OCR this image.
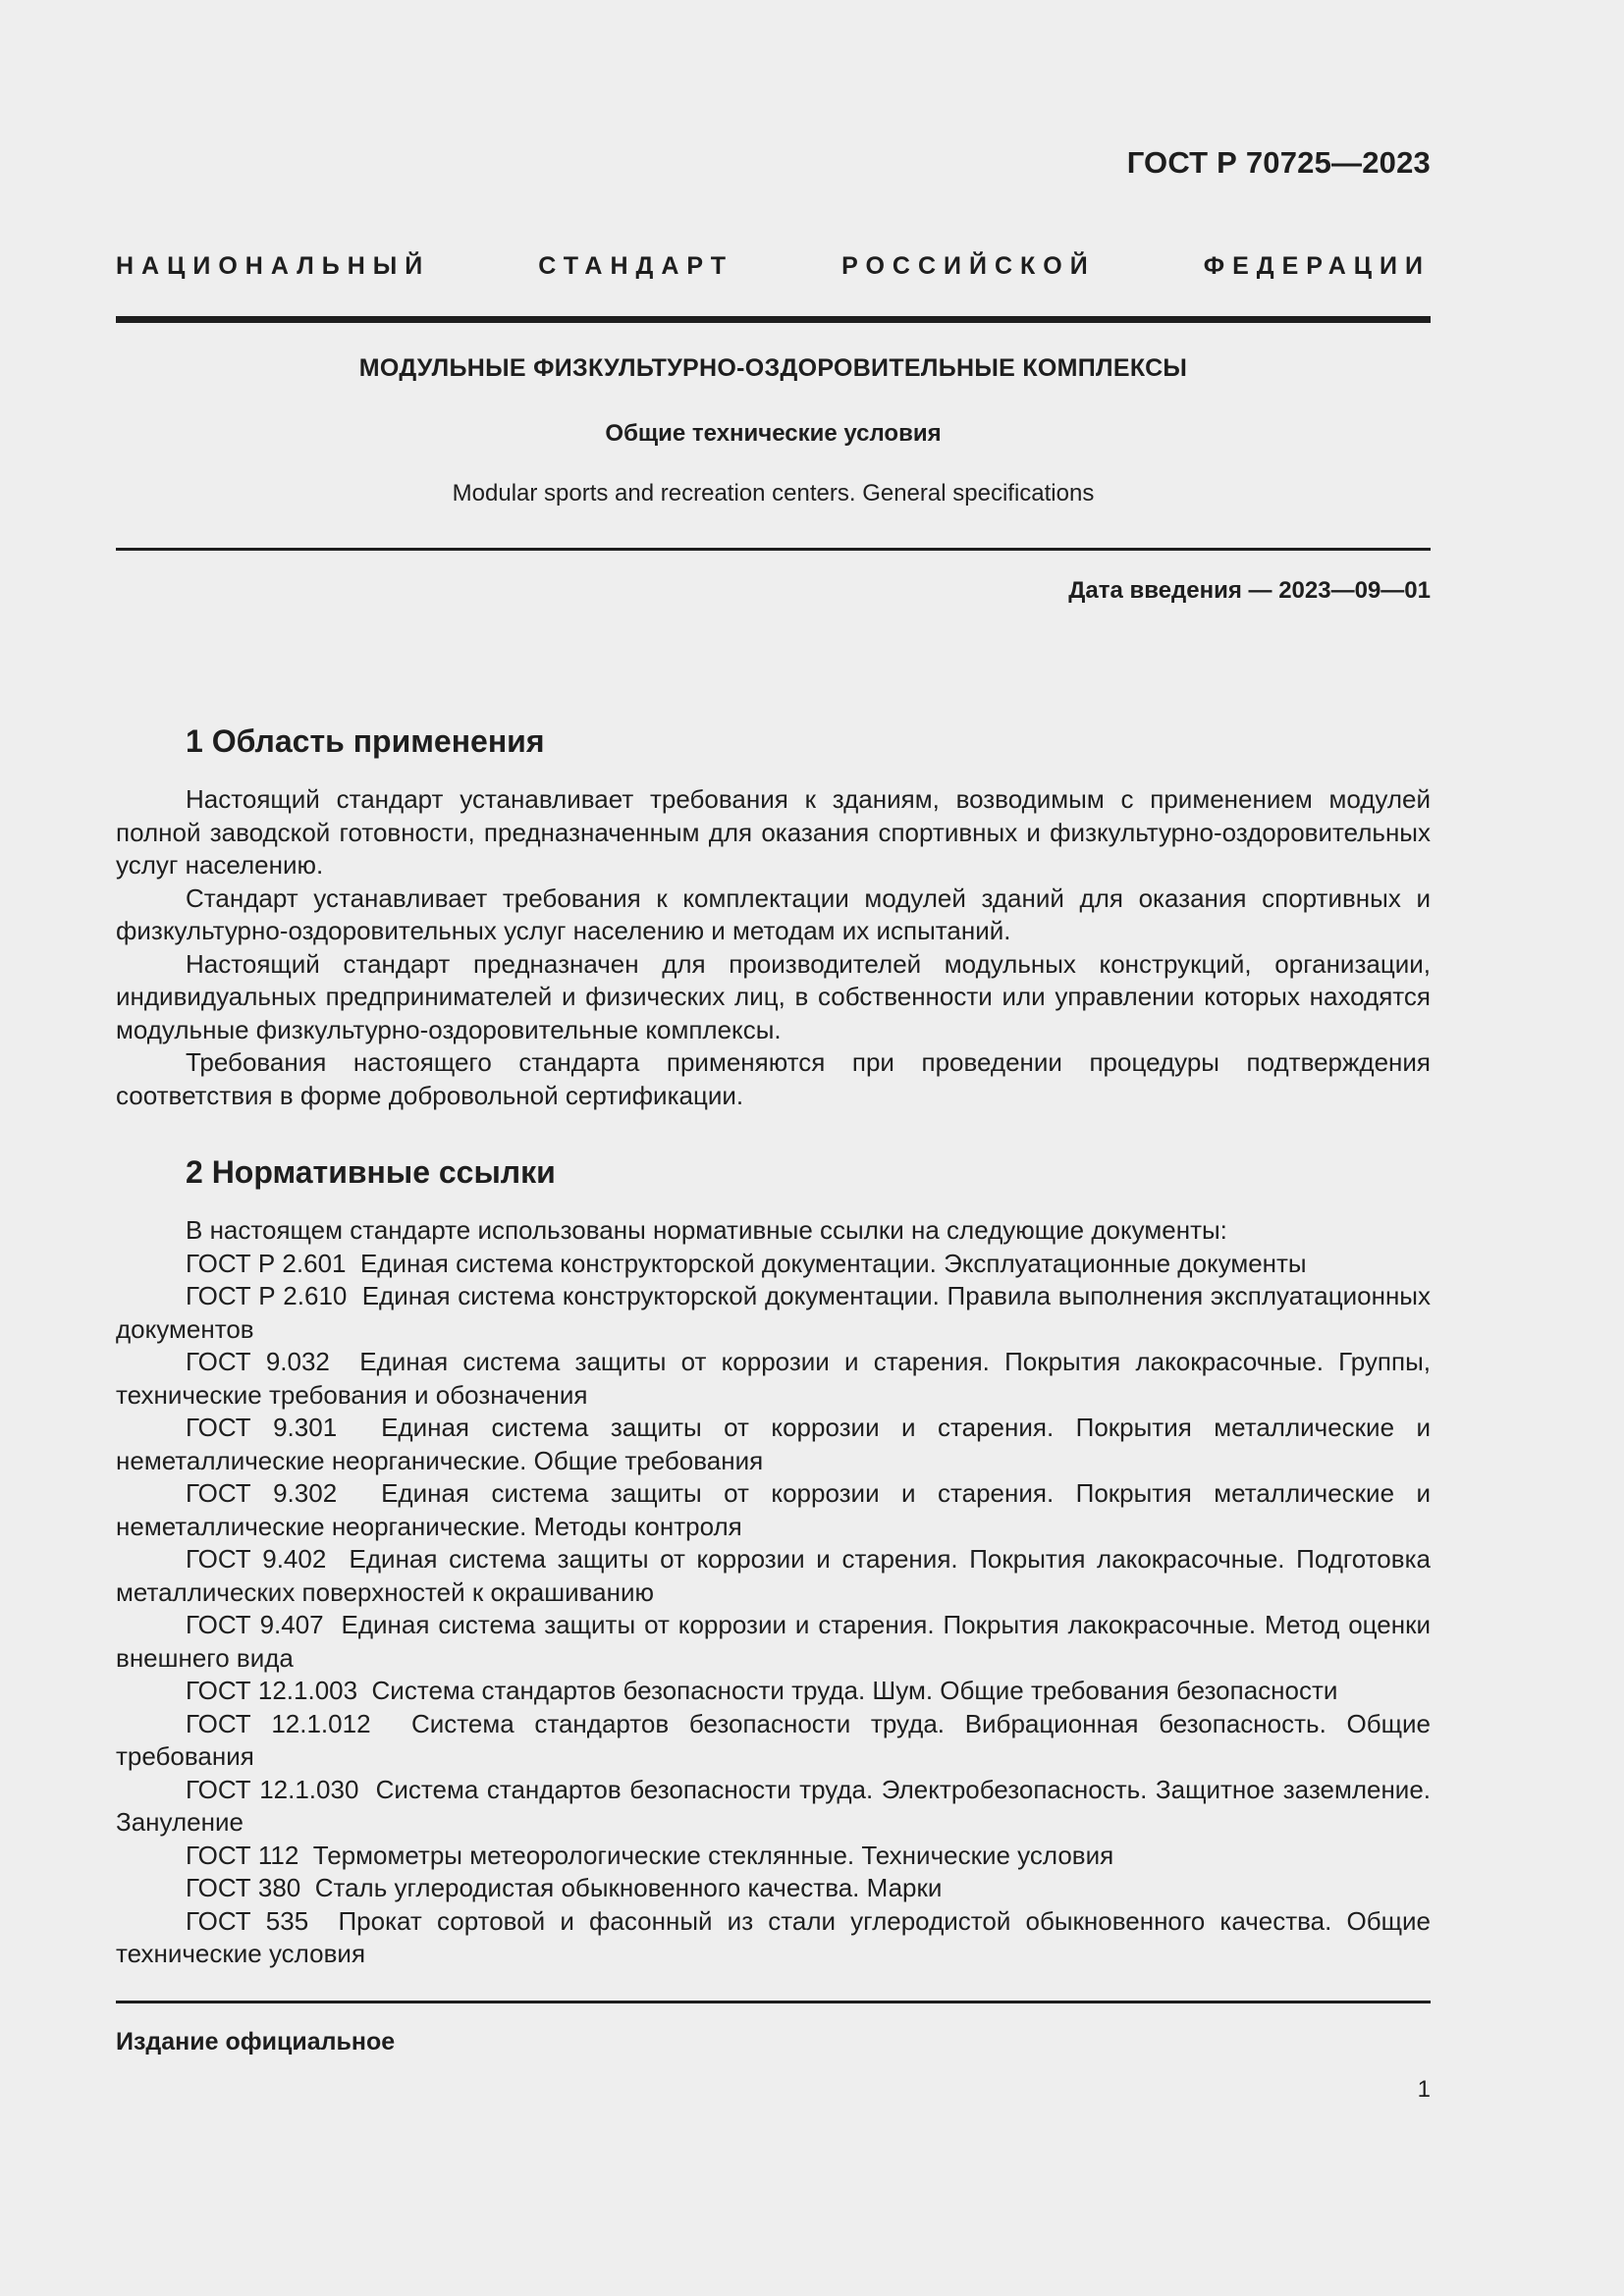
ГОСТ Р 70725—2023
НАЦИОНАЛЬНЫЙ СТАНДАРТ РОССИЙСКОЙ ФЕДЕРАЦИИ
МОДУЛЬНЫЕ ФИЗКУЛЬТУРНО-ОЗДОРОВИТЕЛЬНЫЕ КОМПЛЕКСЫ
Общие технические условия
Modular sports and recreation centers. General specifications
Дата введения — 2023—09—01

1 Область применения

Настоящий стандарт устанавливает требования к зданиям, возводимым с применением модулей полной заводской готовности, предназначенным для оказания спортивных и физкультурно-оздоровительных услуг населению.

Стандарт устанавливает требования к комплектации модулей зданий для оказания спортивных и физкультурно-оздоровительных услуг населению и методам их испытаний.

Настоящий стандарт предназначен для производителей модульных конструкций, организации, индивидуальных предпринимателей и физических лиц, в собственности или управлении которых находятся модульные физкультурно-оздоровительные комплексы.

Требования настоящего стандарта применяются при проведении процедуры подтверждения соответствия в форме добровольной сертификации.

2 Нормативные ссылки

В настоящем стандарте использованы нормативные ссылки на следующие документы:

ГОСТ Р 2.601 Единая система конструкторской документации. Эксплуатационные документы

ГОСТ Р 2.610 Единая система конструкторской документации. Правила выполнения эксплуатационных документов

ГОСТ 9.032 Единая система защиты от коррозии и старения. Покрытия лакокрасочные. Группы, технические требования и обозначения

ГОСТ 9.301 Единая система защиты от коррозии и старения. Покрытия металлические и неметаллические неорганические. Общие требования

ГОСТ 9.302 Единая система защиты от коррозии и старения. Покрытия металлические и неметаллические неорганические. Методы контроля

ГОСТ 9.402 Единая система защиты от коррозии и старения. Покрытия лакокрасочные. Подготовка металлических поверхностей к окрашиванию

ГОСТ 9.407 Единая система защиты от коррозии и старения. Покрытия лакокрасочные. Метод оценки внешнего вида

ГОСТ 12.1.003 Система стандартов безопасности труда. Шум. Общие требования безопасности

ГОСТ 12.1.012 Система стандартов безопасности труда. Вибрационная безопасность. Общие требования

ГОСТ 12.1.030 Система стандартов безопасности труда. Электробезопасность. Защитное заземление. Зануление

ГОСТ 112 Термометры метеорологические стеклянные. Технические условия

ГОСТ 380 Сталь углеродистая обыкновенного качества. Марки

ГОСТ 535 Прокат сортовой и фасонный из стали углеродистой обыкновенного качества. Общие технические условия

Издание официальное
1
